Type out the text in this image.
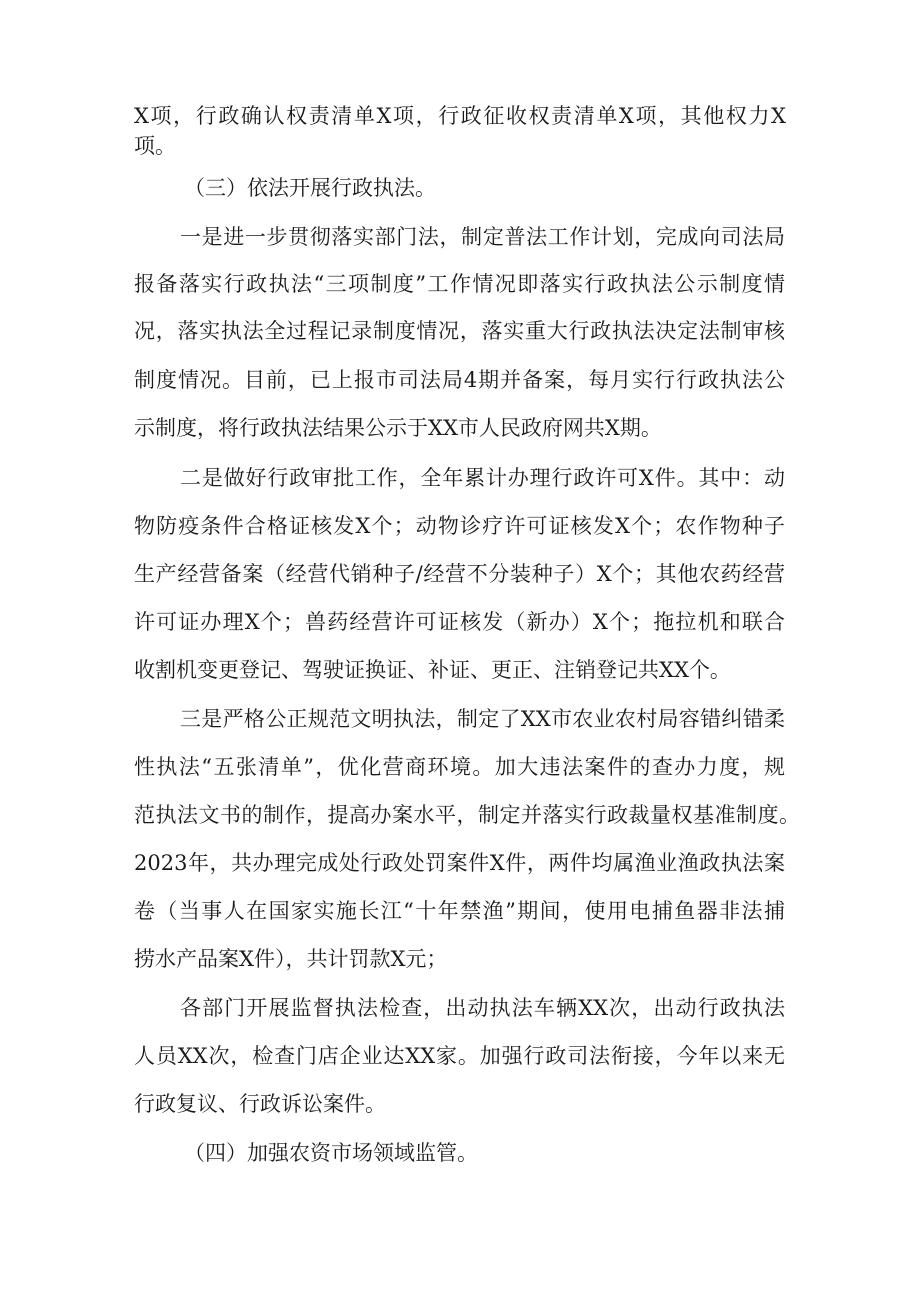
X项，行政确认权责清单X项，行政征收权责清单X项，其他权力X
项。
（三）依法开展行政执法。
一是进一步贯彻落实部门法，制定普法工作计划，完成向司法局
报备落实行政执法“三项制度”工作情况即落实行政执法公示制度情
况，落实执法全过程记录制度情况，落实重大行政执法决定法制审核
制度情况。目前，已上报市司法局4期并备案，每月实行行政执法公
示制度，将行政执法结果公示于XX市人民政府网共X期。
二是做好行政审批工作，全年累计办理行政许可X件。其中：动
物防疫条件合格证核发X个；动物诊疗许可证核发X个；农作物种子
生产经营备案（经营代销种子/经营不分装种子）X个；其他农药经营
许可证办理X个；兽药经营许可证核发（新办）X个；拖拉机和联合
收割机变更登记、驾驶证换证、补证、更正、注销登记共XX个。
三是严格公正规范文明执法，制定了XX市农业农村局容错纠错柔
性执法“五张清单”，优化营商环境。加大违法案件的查办力度，规
范执法文书的制作，提高办案水平，制定并落实行政裁量权基准制度。
2023年，共办理完成处行政处罚案件X件，两件均属渔业渔政执法案
卷（当事人在国家实施长江“十年禁渔”期间，使用电捕鱼器非法捕
捞水产品案X件），共计罚款X元；
各部门开展监督执法检查，出动执法车辆XX次，出动行政执法
人员XX次，检查门店企业达XX家。加强行政司法衔接，今年以来无
行政复议、行政诉讼案件。
（四）加强农资市场领域监管。
